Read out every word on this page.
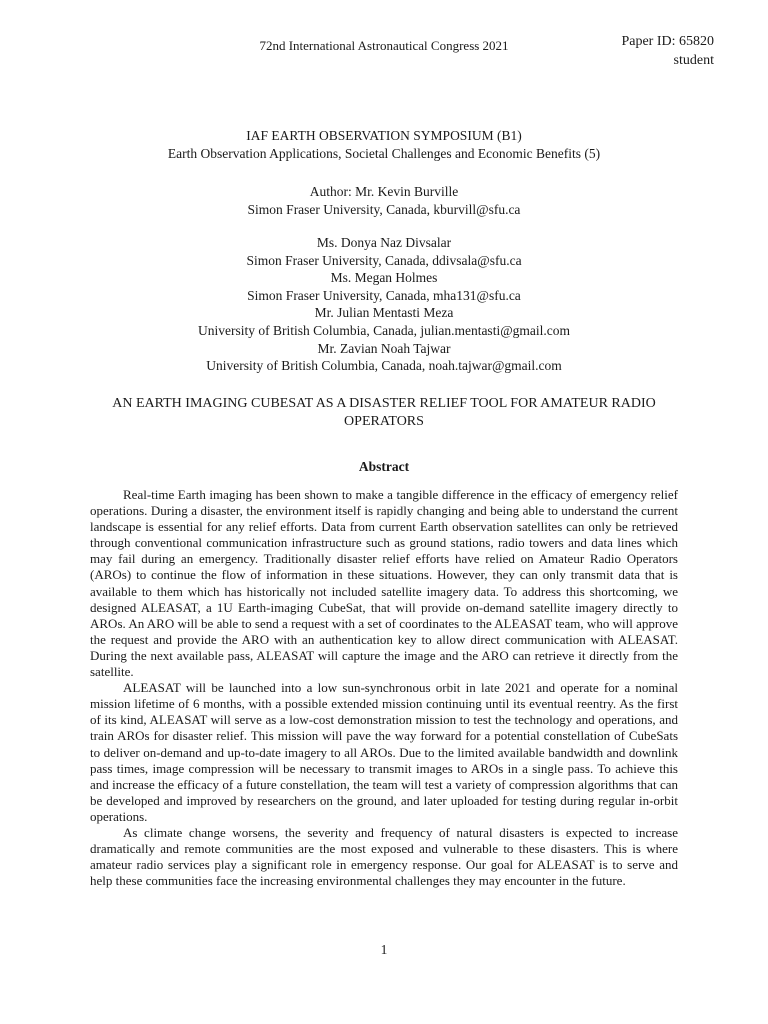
72nd International Astronautical Congress 2021	Paper ID: 65820
student
IAF EARTH OBSERVATION SYMPOSIUM (B1)
Earth Observation Applications, Societal Challenges and Economic Benefits (5)
Author: Mr. Kevin Burville
Simon Fraser University, Canada, kburvill@sfu.ca
Ms. Donya Naz Divsalar
Simon Fraser University, Canada, ddivsala@sfu.ca
Ms. Megan Holmes
Simon Fraser University, Canada, mha131@sfu.ca
Mr. Julian Mentasti Meza
University of British Columbia, Canada, julian.mentasti@gmail.com
Mr. Zavian Noah Tajwar
University of British Columbia, Canada, noah.tajwar@gmail.com
AN EARTH IMAGING CUBESAT AS A DISASTER RELIEF TOOL FOR AMATEUR RADIO OPERATORS
Abstract

Real-time Earth imaging has been shown to make a tangible difference in the efficacy of emergency relief operations. During a disaster, the environment itself is rapidly changing and being able to understand the current landscape is essential for any relief efforts. Data from current Earth observation satellites can only be retrieved through conventional communication infrastructure such as ground stations, radio towers and data lines which may fail during an emergency. Traditionally disaster relief efforts have relied on Amateur Radio Operators (AROs) to continue the flow of information in these situations. However, they can only transmit data that is available to them which has historically not included satellite imagery data. To address this shortcoming, we designed ALEASAT, a 1U Earth-imaging CubeSat, that will provide on-demand satellite imagery directly to AROs. An ARO will be able to send a request with a set of coordinates to the ALEASAT team, who will approve the request and provide the ARO with an authentication key to allow direct communication with ALEASAT. During the next available pass, ALEASAT will capture the image and the ARO can retrieve it directly from the satellite.

ALEASAT will be launched into a low sun-synchronous orbit in late 2021 and operate for a nominal mission lifetime of 6 months, with a possible extended mission continuing until its eventual reentry. As the first of its kind, ALEASAT will serve as a low-cost demonstration mission to test the technology and operations, and train AROs for disaster relief. This mission will pave the way forward for a potential constellation of CubeSats to deliver on-demand and up-to-date imagery to all AROs. Due to the limited available bandwidth and downlink pass times, image compression will be necessary to transmit images to AROs in a single pass. To achieve this and increase the efficacy of a future constellation, the team will test a variety of compression algorithms that can be developed and improved by researchers on the ground, and later uploaded for testing during regular in-orbit operations.

As climate change worsens, the severity and frequency of natural disasters is expected to increase dramatically and remote communities are the most exposed and vulnerable to these disasters. This is where amateur radio services play a significant role in emergency response. Our goal for ALEASAT is to serve and help these communities face the increasing environmental challenges they may encounter in the future.

1
